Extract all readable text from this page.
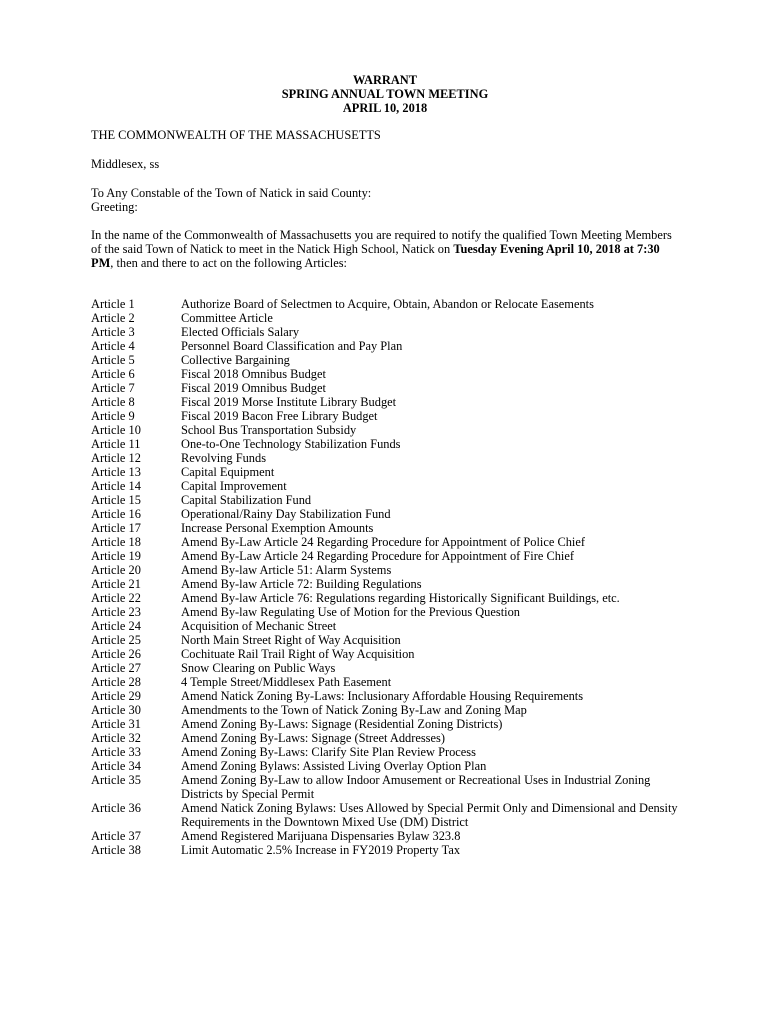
WARRANT
SPRING ANNUAL TOWN MEETING
APRIL 10, 2018
THE COMMONWEALTH OF THE MASSACHUSETTS
Middlesex, ss
To Any Constable of the Town of Natick in said County:
Greeting:
In the name of the Commonwealth of Massachusetts you are required to notify the qualified Town Meeting Members of the said Town of Natick to meet in the Natick High School, Natick on Tuesday Evening April 10, 2018 at 7:30 PM, then and there to act on the following Articles:
Article 1	Authorize Board of Selectmen to Acquire, Obtain, Abandon or Relocate Easements
Article 2	Committee Article
Article 3	Elected Officials Salary
Article 4	Personnel Board Classification and Pay Plan
Article 5	Collective Bargaining
Article 6	Fiscal 2018 Omnibus Budget
Article 7	Fiscal 2019 Omnibus Budget
Article 8	Fiscal 2019 Morse Institute Library Budget
Article 9	Fiscal 2019 Bacon Free Library Budget
Article 10	School Bus Transportation Subsidy
Article 11	One-to-One Technology Stabilization Funds
Article 12	Revolving Funds
Article 13	Capital Equipment
Article 14	Capital Improvement
Article 15	Capital Stabilization Fund
Article 16	Operational/Rainy Day Stabilization Fund
Article 17	Increase Personal Exemption Amounts
Article 18	Amend By-Law Article 24 Regarding Procedure for Appointment of Police Chief
Article 19	Amend By-Law Article 24 Regarding Procedure for Appointment of Fire Chief
Article 20	Amend By-law Article 51: Alarm Systems
Article 21	Amend By-law Article 72: Building Regulations
Article 22	Amend By-law Article 76: Regulations regarding Historically Significant Buildings, etc.
Article 23	Amend By-law Regulating Use of Motion for the Previous Question
Article 24	Acquisition of Mechanic Street
Article 25	North Main Street Right of Way Acquisition
Article 26	Cochituate Rail Trail Right of Way Acquisition
Article 27	Snow Clearing on Public Ways
Article 28	4 Temple Street/Middlesex Path Easement
Article 29	Amend Natick Zoning By-Laws: Inclusionary Affordable Housing Requirements
Article 30	Amendments to the Town of Natick Zoning By-Law and Zoning Map
Article 31	Amend Zoning By-Laws: Signage (Residential Zoning Districts)
Article 32	Amend Zoning By-Laws: Signage (Street Addresses)
Article 33	Amend Zoning By-Laws: Clarify Site Plan Review Process
Article 34	Amend Zoning Bylaws: Assisted Living Overlay Option Plan
Article 35	Amend Zoning By-Law to allow Indoor Amusement or Recreational Uses in Industrial Zoning Districts by Special Permit
Article 36	Amend Natick Zoning Bylaws: Uses Allowed by Special Permit Only and Dimensional and Density Requirements in the Downtown Mixed Use (DM) District
Article 37	Amend Registered Marijuana Dispensaries Bylaw 323.8
Article 38	Limit Automatic 2.5% Increase in FY2019 Property Tax
